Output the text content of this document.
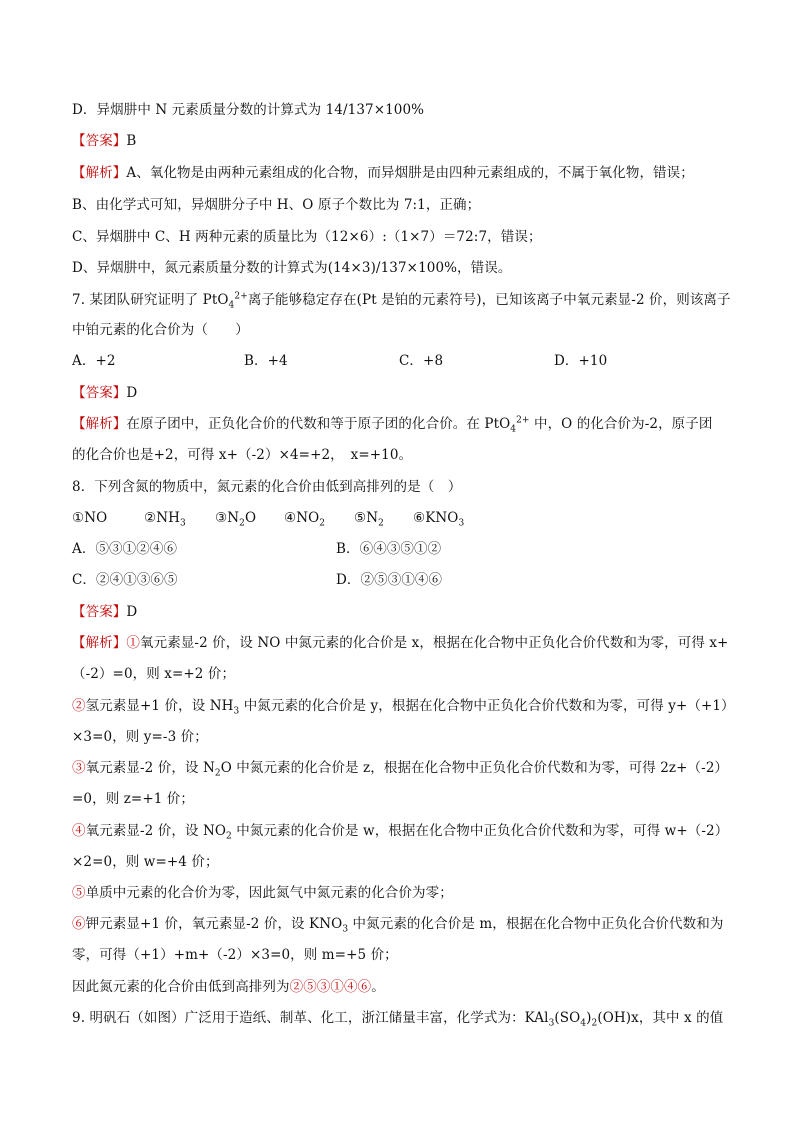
D．异烟肼中 N 元素质量分数的计算式为 14/137×100%
【答案】B
【解析】A、氧化物是由两种元素组成的化合物，而异烟肼是由四种元素组成的，不属于氧化物，错误；
B、由化学式可知，异烟肼分子中 H、O 原子个数比为 7:1，正确；
C、异烟肼中 C、H 两种元素的质量比为（12×6）:（1×7）＝72:7，错误；
D、异烟肼中，氮元素质量分数的计算式为(14×3)/137×100%，错误。
7. 某团队研究证明了 PtO$_4^{2+}$离子能够稳定存在(Pt 是铂的元素符号)，已知该离子中氧元素显-2 价，则该离子
中铂元素的化合价为（　　）
A．+2	B．+4	C．+8	D．+10
【答案】D
【解析】在原子团中，正负化合价的代数和等于原子团的化合价。在 PtO$_4^{2+}$ 中，O 的化合价为-2，原子团
的化合价也是+2，可得 x+（-2）×4=+2，　x=+10。
8．下列含氮的物质中，氮元素的化合价由低到高排列的是（　）
①NO	$②NH_3$ $③N_2O$ $④NO_2$ $⑤N_2$ $⑥KNO_3$
A．⑤③①②④⑥	B．⑥④③⑤①②
C．②④①③⑥⑤	D．②⑤③①④⑥
【答案】D
【解析】①氧元素显-2 价，设 NO 中氮元素的化合价是 x，根据在化合物中正负化合价代数和为零，可得 x+
（-2）=0，则 x=+2 价；
②氢元素显+1 价，设 $NH_3$ 中氮元素的化合价是 y，根据在化合物中正负化合价代数和为零，可得 y+（+1）
×3=0，则 y=-3 价；
③氧元素显-2 价，设 $N_2O$ 中氮元素的化合价是 z，根据在化合物中正负化合价代数和为零，可得 2z+（-2）
=0，则 z=+1 价；
④氧元素显-2 价，设 $NO_2$ 中氮元素的化合价是 w，根据在化合物中正负化合价代数和为零，可得 w+（-2）
×2=0，则 w=+4 价；
⑤单质中元素的化合价为零，因此氮气中氮元素的化合价为零；
⑥钾元素显+1 价，氧元素显-2 价，设 $KNO_3$ 中氮元素的化合价是 m，根据在化合物中正负化合价代数和为
零，可得（+1）+m+（-2）×3=0，则 m=+5 价；
因此氮元素的化合价由低到高排列为②⑤③①④⑥。
9. 明矾石（如图）广泛用于造纸、制革、化工，浙江储量丰富，化学式为：$KAl_3(SO_4)_2(OH)x$，其中 x 的值
